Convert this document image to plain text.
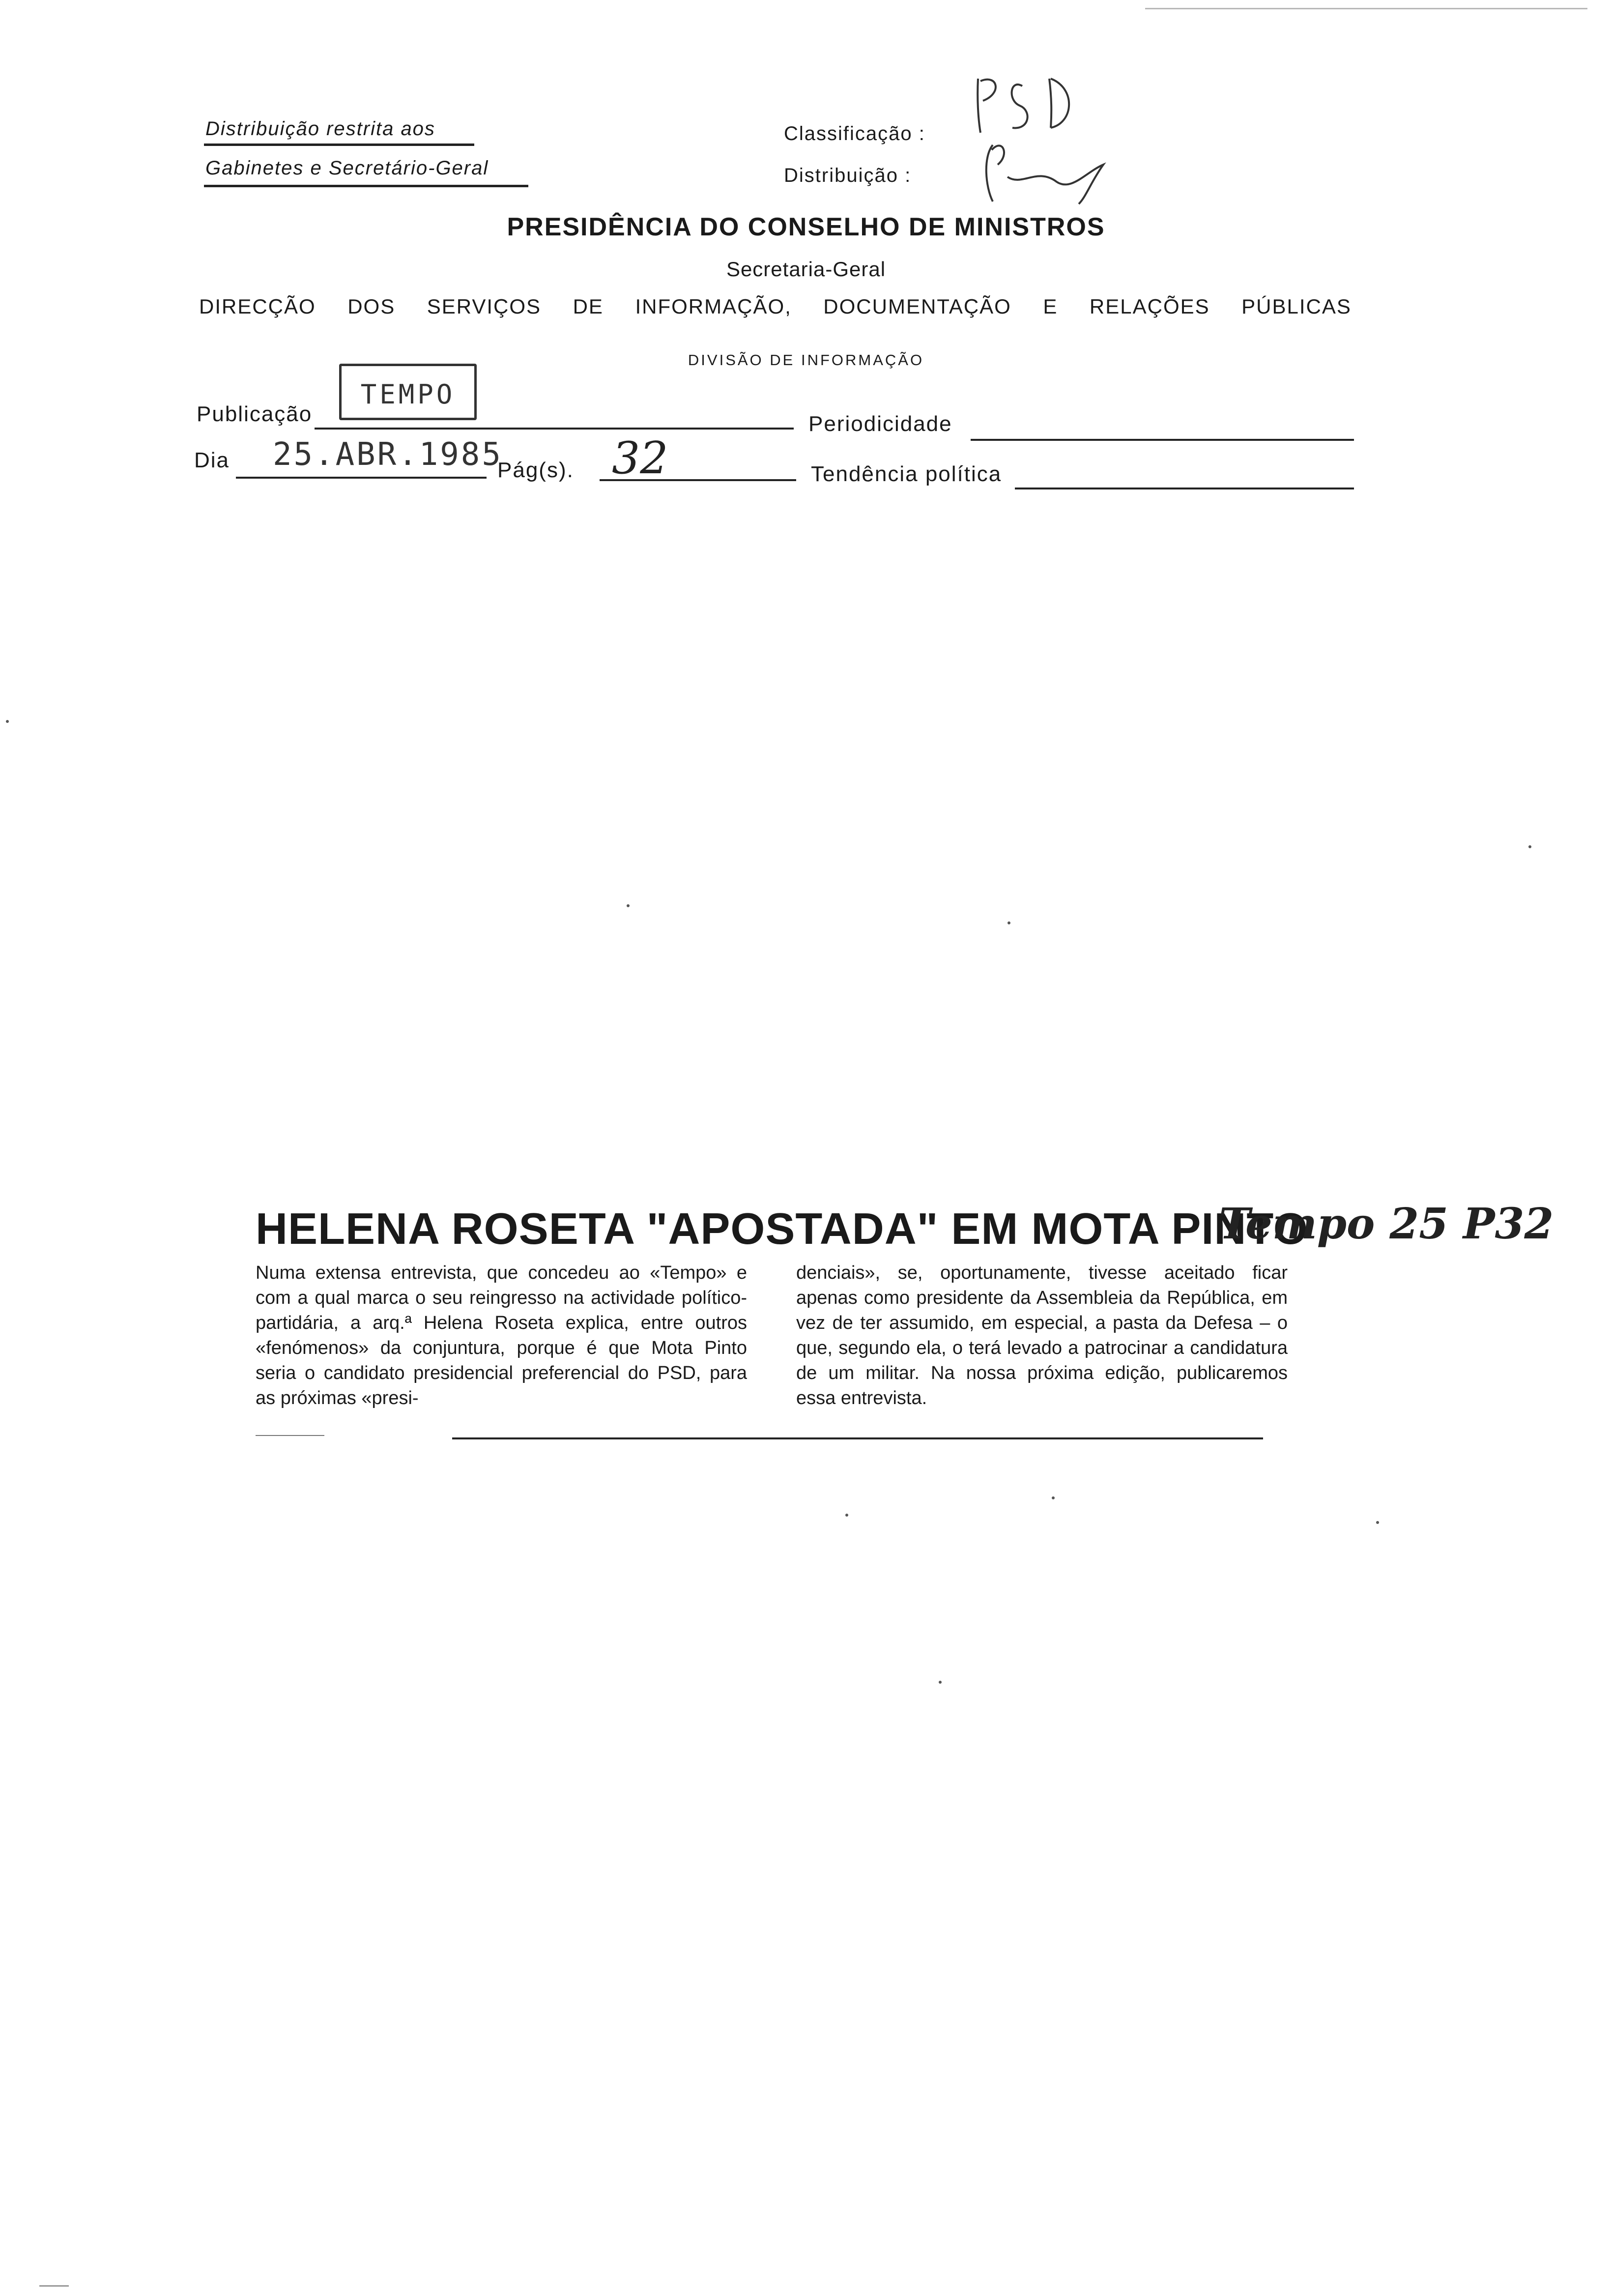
Distribuição restrita aos
Gabinetes e Secretário-Geral
Classificação :
Distribuição :
PRESIDÊNCIA DO CONSELHO DE MINISTROS
Secretaria-Geral
DIRECÇÃO DOS SERVIÇOS DE INFORMAÇÃO, DOCUMENTAÇÃO E RELAÇÕES PÚBLICAS
DIVISÃO DE INFORMAÇÃO
TEMPO
Publicação	Periodicidade
Dia 25.ABR.1985
Pág(s). 32	Tendência política
HELENA ROSETA "APOSTADA" EM MOTA PINTO
Tempo 25 P32
Numa extensa entrevista, que concedeu ao «Tempo» e com a qual marca o seu reingresso na actividade político-partidária, a arq.ª Helena Roseta explica, entre outros «fenómenos» da conjuntura, porque é que Mota Pinto seria o candidato presidencial preferencial do PSD, para as próximas «presi-
denciais», se, oportunamente, tivesse aceitado ficar apenas como presidente da Assembleia da República, em vez de ter assumido, em especial, a pasta da Defesa – o que, segundo ela, o terá levado a patrocinar a candidatura de um militar. Na nossa próxima edição, publicaremos essa entrevista.
